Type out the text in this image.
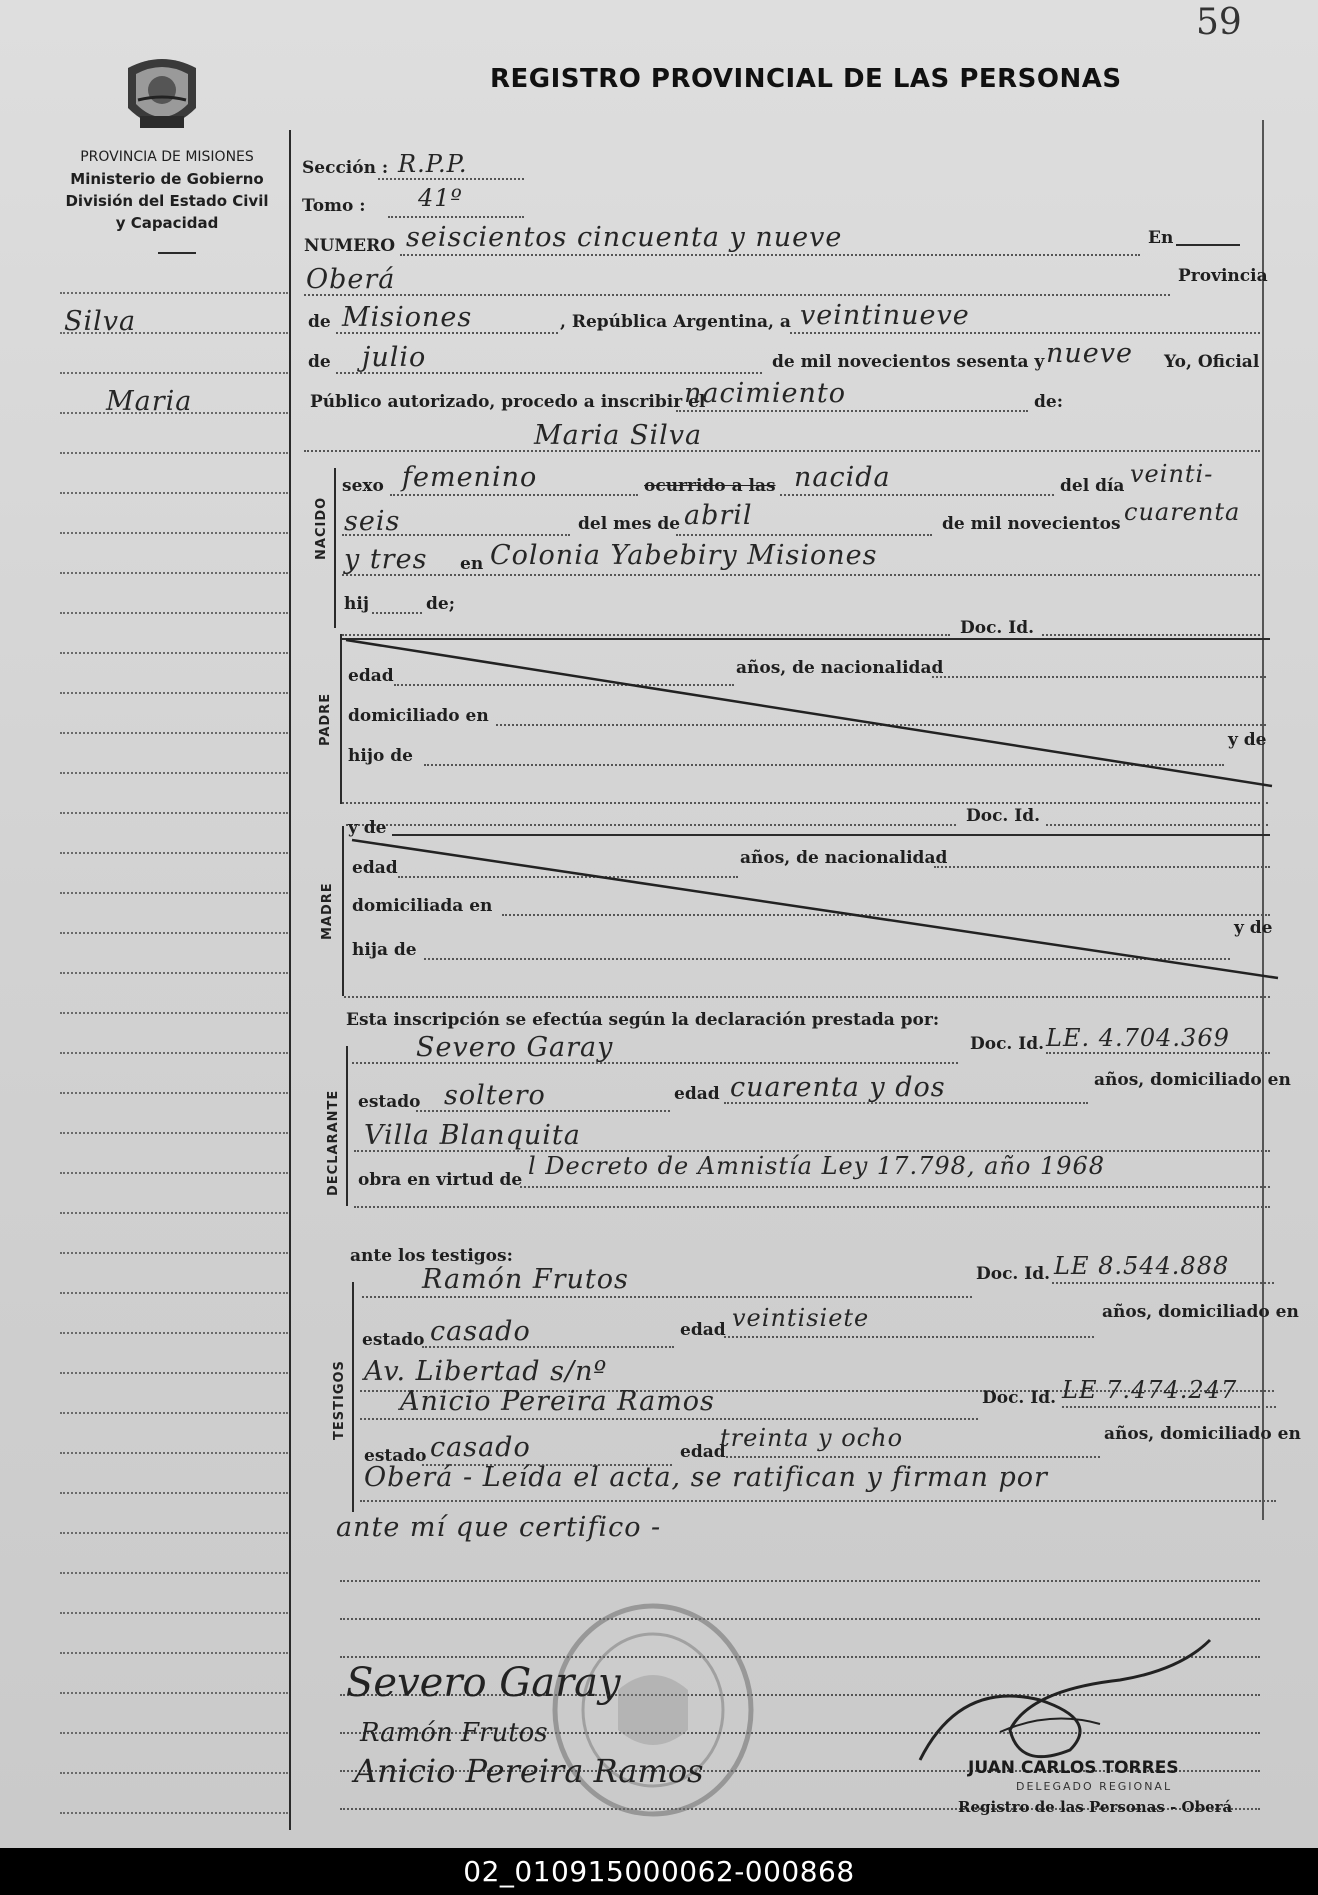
59
PROVINCIA DE MISIONES
Ministerio de Gobierno
División del Estado Civil
y Capacidad
REGISTRO PROVINCIAL DE LAS PERSONAS
Silva
Maria
Sección : R.P.P.
Tomo : 41º
NUMERO seiscientos cincuenta y nueve	En
Oberá	Provincia
de Misiones	, República Argentina, a veintinueve
de julio	de mil novecientos sesenta y nueve Yo, Oficial
Público autorizado, procedo a inscribir el
nacimiento	de:
Maria Silva
NACIDO
sexo femenino	ocurrido a las nacida	del día veinti-
seis	del mes de abril	de mil novecientos cuarenta
y tres en Colonia Yabebiry Misiones
hij	de;
Doc. Id.
PADRE
edad	años, de nacionalidad
domiciliado en
hijo de
y de
Doc. Id.
y de
MADRE
edad	años, de nacionalidad
domiciliada en
hija de
y de
Esta inscripción se efectúa según la declaración prestada por:
DECLARANTE
Severo Garay	Doc. Id. LE. 4.704.369
estado soltero	edad cuarenta y dos	años, domiciliado en
Villa Blanquita
obra en virtud de l Decreto de Amnistía Ley 17.798, año 1968
ante los testigos:
TESTIGOS
Ramón Frutos	Doc. Id. LE 8.544.888
estado casado	edad veintisiete	años, domiciliado en
Av. Libertad s/nº
Anicio Pereira Ramos	Doc. Id. LE 7.474.247
estado casado	edad
treinta y ocho	años, domiciliado en
Oberá - Leída el acta, se ratifican y firman por
ante mí que certifico -
Severo Garay
Ramón Frutos
Anicio Pereira Ramos	JUAN CARLOS TORRES
DELEGADO REGIONAL
Registro de las Personas - Oberá
02_010915000062-000868
